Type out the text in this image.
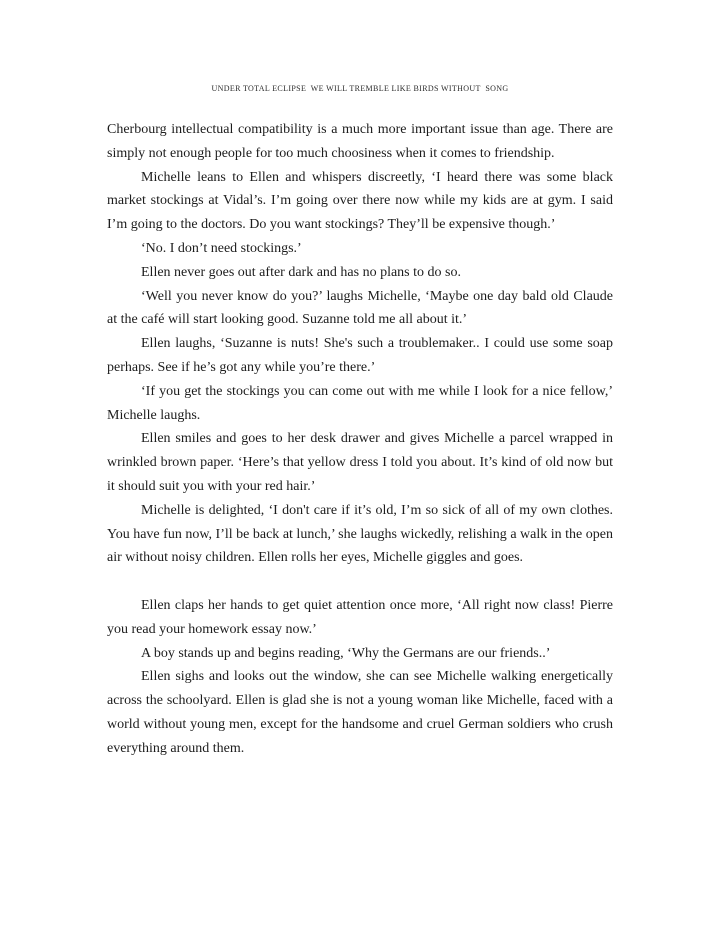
UNDER TOTAL ECLIPSE  WE WILL TREMBLE LIKE BIRDS WITHOUT  SONG

Cherbourg intellectual compatibility is a much more important issue than age. There are simply not enough people for too much choosiness when it comes to friendship.

Michelle leans to Ellen and whispers discreetly, ‘I heard there was some black market stockings at Vidal’s. I’m going over there now while my kids are at gym. I said I’m going to the doctors. Do you want stockings? They’ll be expensive though.’

‘No. I don’t need stockings.’

Ellen never goes out after dark and has no plans to do so.

‘Well you never know do you?’ laughs Michelle, ‘Maybe one day bald old Claude at the café will start looking good. Suzanne told me all about it.’

Ellen laughs, ‘Suzanne is nuts! She's such a troublemaker.. I could use some soap perhaps. See if he’s got any while you’re there.’

‘If you get the stockings you can come out with me while I look for a nice fellow,’ Michelle laughs.

Ellen smiles and goes to her desk drawer and gives Michelle a parcel wrapped in wrinkled brown paper. ‘Here’s that yellow dress I told you about. It’s kind of old now but it should suit you with your red hair.’

Michelle is delighted, ‘I don't care if it’s old, I’m so sick of all of my own clothes. You have fun now, I’ll be back at lunch,’ she laughs wickedly, relishing a walk in the open air without noisy children. Ellen rolls her eyes, Michelle giggles and goes.

Ellen claps her hands to get quiet attention once more, ‘All right now class! Pierre you read your homework essay now.’

A boy stands up and begins reading, ‘Why the Germans are our friends..’

Ellen sighs and looks out the window, she can see Michelle walking energetically across the schoolyard. Ellen is glad she is not a young woman like Michelle, faced with a world without young men, except for the handsome and cruel German soldiers who crush everything around them.
